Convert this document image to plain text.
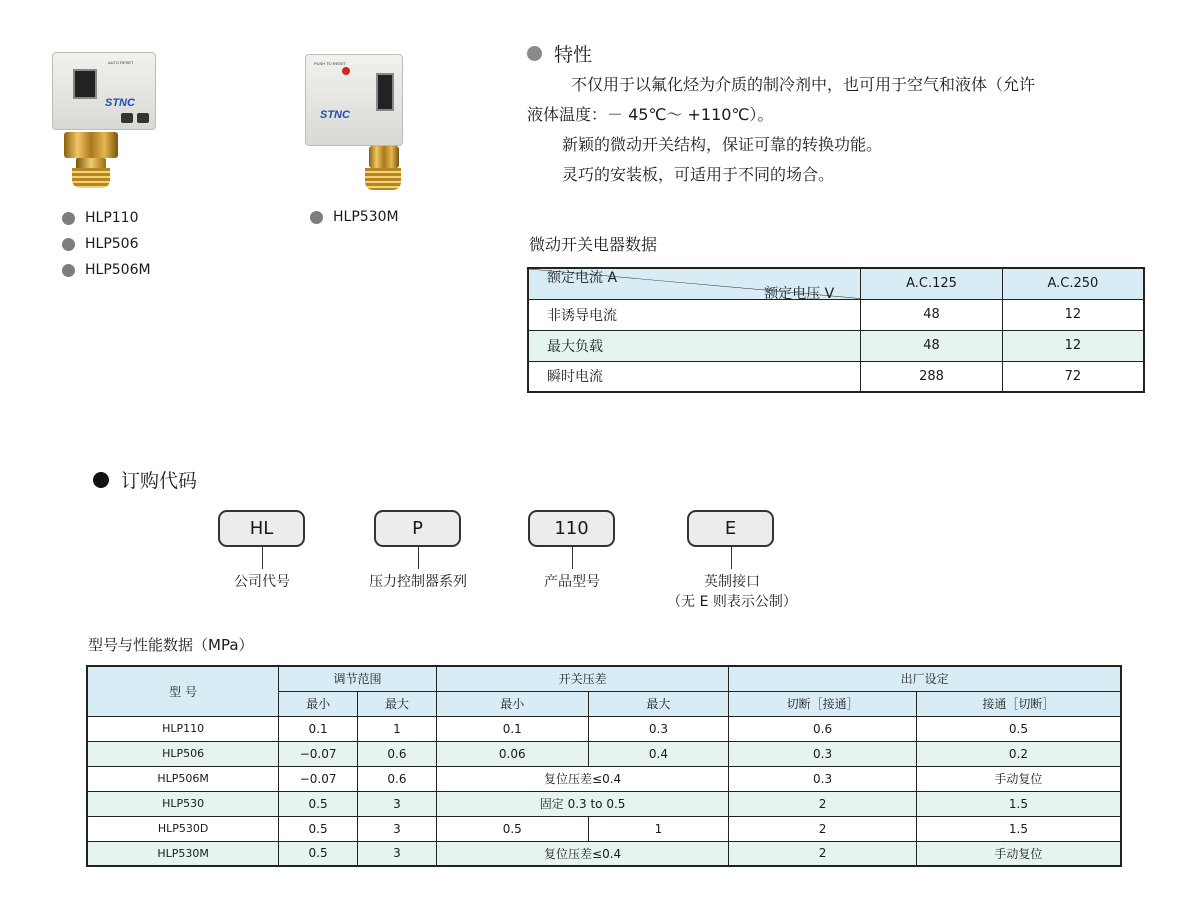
AUTO RESET
STNC
PUSH TO RESET
STNC
HLP110
HLP506
HLP506M
HLP530M
特性

不仅用于以氟化烃为介质的制冷剂中，也可用于空气和液体（允许

液体温度：－ 45℃～ +110℃）。

新颖的微动开关结构，保证可靠的转换功能。

灵巧的安装板，可适用于不同的场合。

微动开关电器数据
额定电压 V
额定电流 A	A.C.125	A.C.250
非诱导电流	48	12
最大负载	48	12
瞬时电流	288	72
订购代码
HL
公司代号
P
压力控制器系列
110
产品型号
E
英制接口
（无 E 则表示公制）
型号与性能数据（MPa）
型 号	调节范围		开关压差		出厂设定	
	最小	最大	最小	最大	切断［接通］	接通［切断］
HLP110	0.1	1	0.1	0.3	0.6	0.5
HLP506	−0.07	0.6	0.06	0.4	0.3	0.2
HLP506M	−0.07	0.6	复位压差≤0.4		0.3	手动复位
HLP530	0.5	3	固定 0.3 to 0.5		2	1.5
HLP530D	0.5	3	0.5	1	2	1.5
HLP530M	0.5	3	复位压差≤0.4		2	手动复位
